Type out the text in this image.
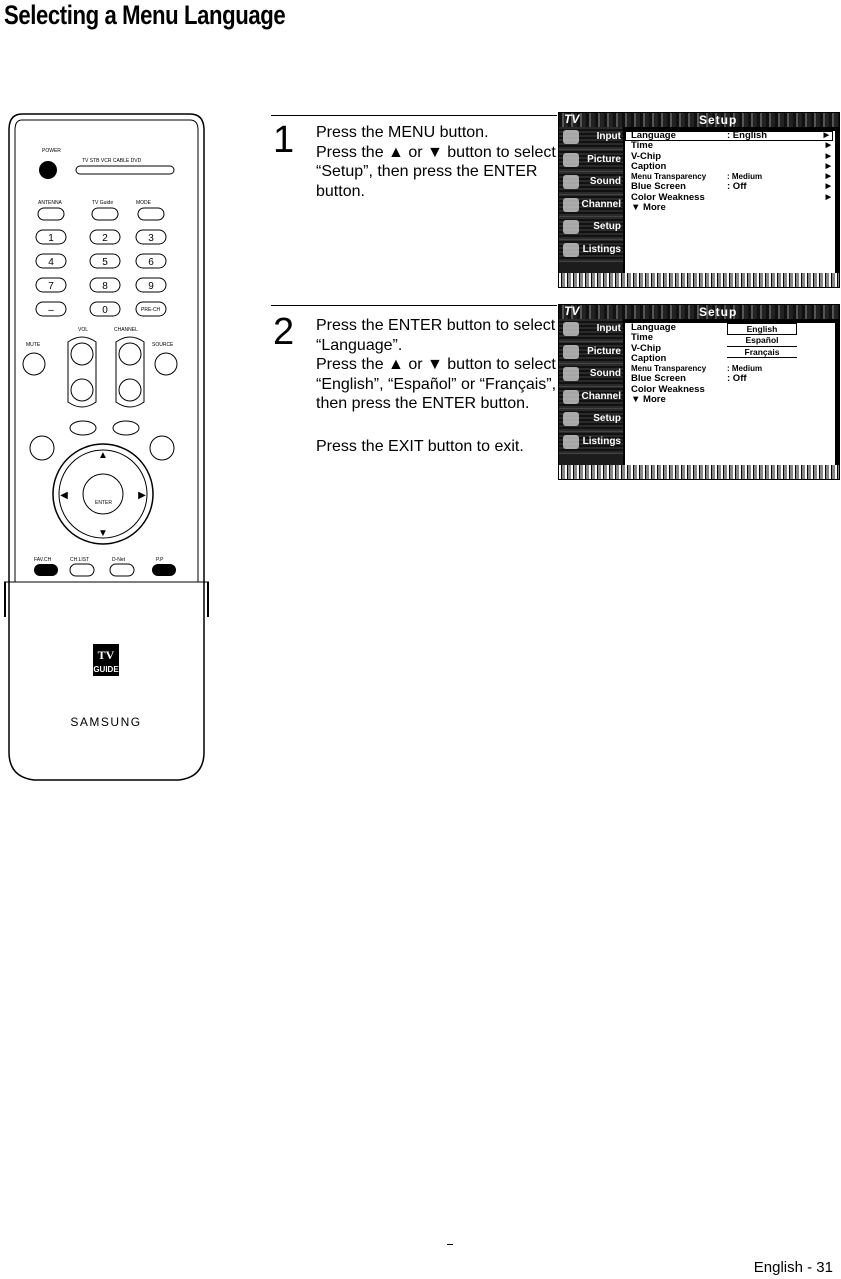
Selecting a Menu Language
POWER
TV STB VCR CABLE DVD
ANTENNA	TV Guide	MODE
1	2	3
4	5	6
7	8	9
–	0	PRE-CH
VOL	CHANNEL
MUTE	SOURCE
ENTER
▲
▼
◀	▶
FAV.CH	CH.LIST	D-Net	P.P
TV
GUIDE
SAMSUNG
1 Press the MENU button.

Press the ▲ or ▼ button to select “Setup”, then press the ENTER button.

TV	Setup
Input
Picture
Sound
Channel
Setup
Listings
Language	: English	▶
Time	▶
V-Chip	▶
Caption	▶
Menu Transparency	: Medium	▶
Blue Screen	: Off	▶
Color Weakness	▶
▼ More
2 Press the ENTER button to select “Language”.

Press the ▲ or ▼ button to select “English”, “Español” or “Français”, then press the ENTER button.

Press the EXIT button to exit.

TV	Setup
Input
Picture
Sound
Channel
Setup
Listings
English
Español
Français
Language
Time
V-Chip
Caption
Menu Transparency	: Medium
Blue Screen	: Off
Color Weakness
▼ More
English - 31
